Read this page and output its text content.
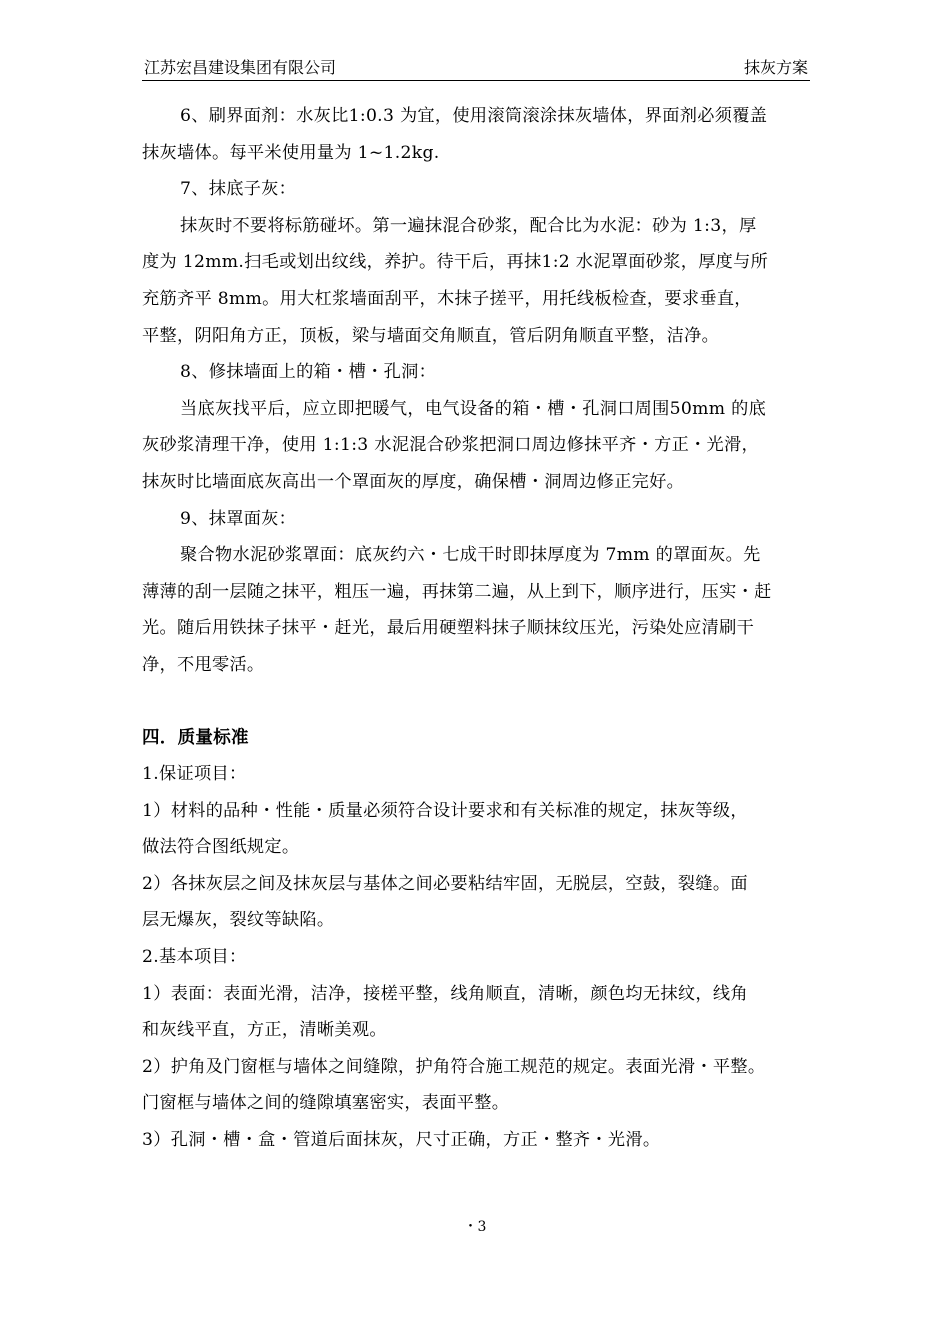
江苏宏昌建设集团有限公司	抹灰方案
6、刷界面剂：水灰比1:0.3 为宜，使用滚筒滚涂抹灰墙体，界面剂必须覆盖
抹灰墙体。每平米使用量为 1~1.2kg.
7、抹底子灰：
抹灰时不要将标筋碰坏。第一遍抹混合砂浆，配合比为水泥：砂为 1:3，厚
度为 12mm.扫毛或划出纹线，养护。待干后，再抹1:2 水泥罩面砂浆，厚度与所
充筋齐平 8mm。用大杠浆墙面刮平，木抹子搓平，用托线板检查，要求垂直，
平整，阴阳角方正，顶板，梁与墙面交角顺直，管后阴角顺直平整，洁净。
8、修抹墙面上的箱・槽・孔洞：
当底灰找平后，应立即把暖气，电气设备的箱・槽・孔洞口周围50mm 的底
灰砂浆清理干净，使用 1:1:3 水泥混合砂浆把洞口周边修抹平齐・方正・光滑，
抹灰时比墙面底灰高出一个罩面灰的厚度，确保槽・洞周边修正完好。
9、抹罩面灰：
聚合物水泥砂浆罩面：底灰约六・七成干时即抹厚度为 7mm 的罩面灰。先
薄薄的刮一层随之抹平，粗压一遍，再抹第二遍，从上到下，顺序进行，压实・赶
光。随后用铁抹子抹平・赶光，最后用硬塑料抹子顺抹纹压光，污染处应清刷干
净，不甩零活。
四．质量标准
1.保证项目：
1）材料的品种・性能・质量必须符合设计要求和有关标准的规定，抹灰等级，
做法符合图纸规定。
2）各抹灰层之间及抹灰层与基体之间必要粘结牢固，无脱层，空鼓，裂缝。面
层无爆灰，裂纹等缺陷。
2.基本项目：
1）表面：表面光滑，洁净，接槎平整，线角顺直，清晰，颜色均无抹纹，线角
和灰线平直，方正，清晰美观。
2）护角及门窗框与墙体之间缝隙，护角符合施工规范的规定。表面光滑・平整。
门窗框与墙体之间的缝隙填塞密实，表面平整。
3）孔洞・槽・盒・管道后面抹灰，尺寸正确，方正・整齐・光滑。
・3
